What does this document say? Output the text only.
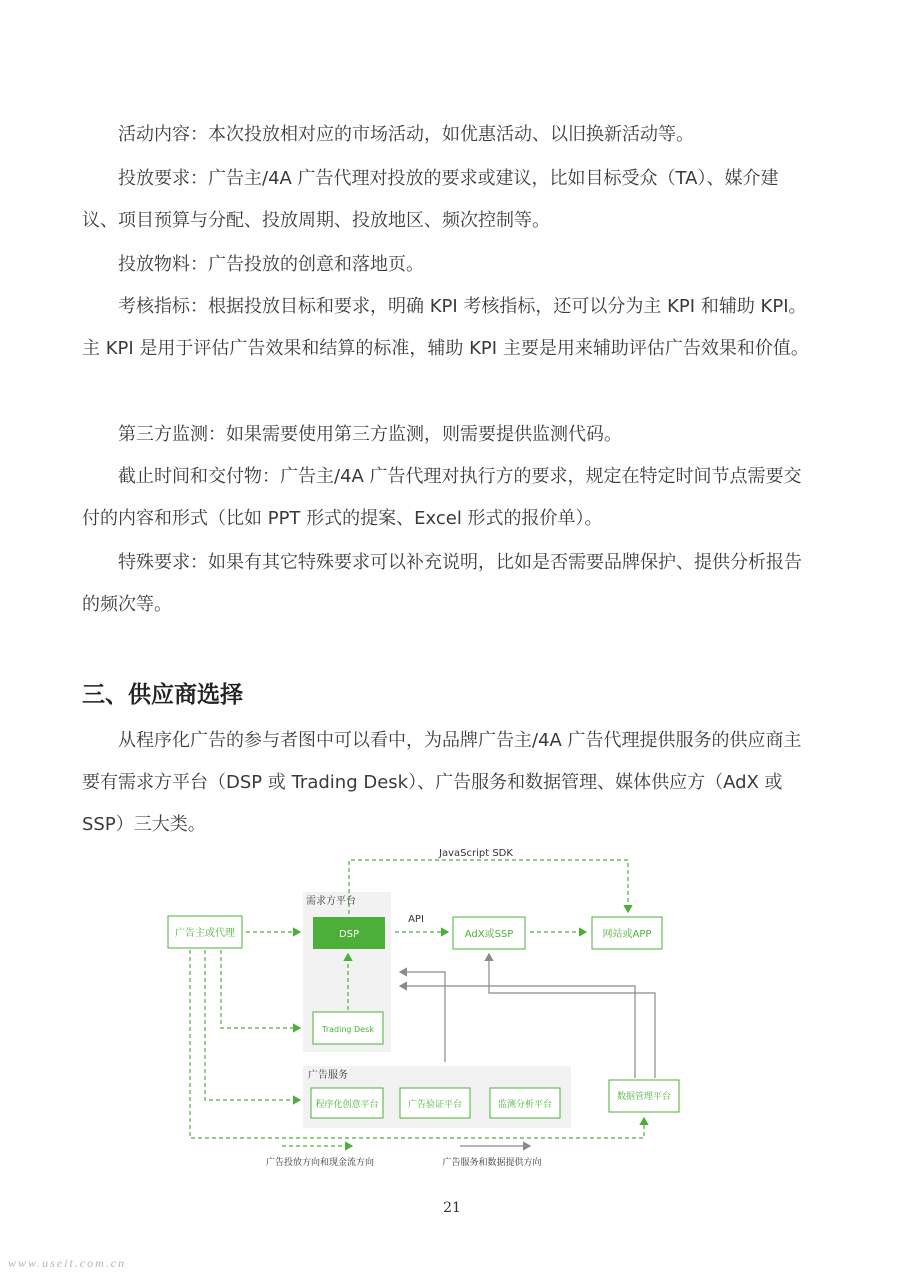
　　活动内容：本次投放相对应的市场活动，如优惠活动、以旧换新活动等。

　　投放要求：广告主/4A 广告代理对投放的要求或建议，比如目标受众（TA）、媒介建议、项目预算与分配、投放周期、投放地区、频次控制等。

　　投放物料：广告投放的创意和落地页。

　　考核指标：根据投放目标和要求，明确 KPI 考核指标，还可以分为主 KPI 和辅助 KPI。主 KPI 是用于评估广告效果和结算的标准，辅助 KPI 主要是用来辅助评估广告效果和价值。

　　第三方监测：如果需要使用第三方监测，则需要提供监测代码。

　　截止时间和交付物：广告主/4A 广告代理对执行方的要求，规定在特定时间节点需要交付的内容和形式（比如 PPT 形式的提案、Excel 形式的报价单）。

　　特殊要求：如果有其它特殊要求可以补充说明，比如是否需要品牌保护、提供分析报告的频次等。

三、供应商选择

　　从程序化广告的参与者图中可以看中，为品牌广告主/4A 广告代理提供服务的供应商主要有需求方平台（DSP 或 Trading Desk）、广告服务和数据管理、媒体供应方（AdX 或 SSP）三大类。

需求方平台
广告服务
广告主或代理	DSP
API
AdX或SSP	网站或APP
Trading Desk
程序化创意平台	广告验证平台	监测分析平台
数据管理平台
JavaScript SDK
广告投放方向和现金流方向	广告服务和数据提供方向
21
www.useit.com.cn
